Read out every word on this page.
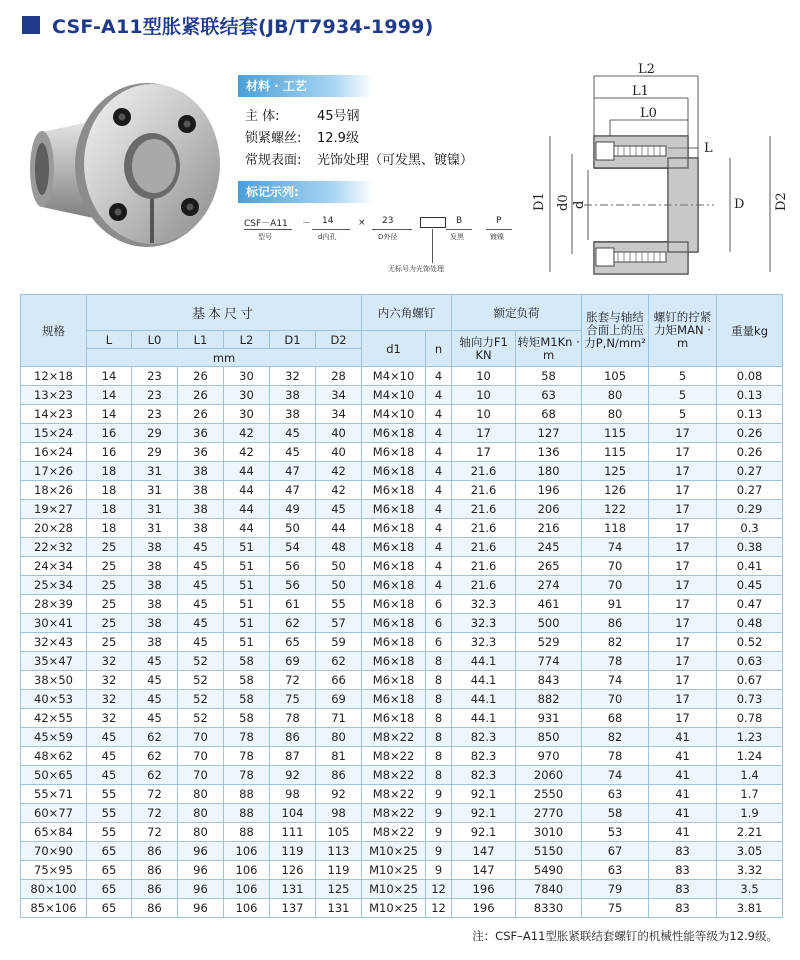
CSF-A11型胀紧联结套(JB/T7934-1999)
材料 · 工艺
主 体:	45号钢
锁紧螺丝:	12.9级
常规表面:	光饰处理（可发黑、镀镍）
标记示列:
CSF－A11 － 14	× 23	B	P
型号	d内孔	D外径	发黑	镀镍
无标号为光饰处理
L2
L1
L0
L
D1 d0 d	D D2
规格	基本尺寸						内六角螺钉		额定负荷		胀套与轴结合面上的压力P,N/mm²	螺钉的拧紧力矩MAN · m	重量kg
	L	L0	L1	L2	D1	D2	d1	n	轴向力F1 KN	转矩M1Kn · m			
	mm												
12×18	14	23	26	30	32	28	M4×10	4	10	58	105	5	0.08
13×23	14	23	26	30	38	34	M4×10	4	10	63	80	5	0.13
14×23	14	23	26	30	38	34	M4×10	4	10	68	80	5	0.13
15×24	16	29	36	42	45	40	M6×18	4	17	127	115	17	0.26
16×24	16	29	36	42	45	40	M6×18	4	17	136	115	17	0.26
17×26	18	31	38	44	47	42	M6×18	4	21.6	180	125	17	0.27
18×26	18	31	38	44	47	42	M6×18	4	21.6	196	126	17	0.27
19×27	18	31	38	44	49	45	M6×18	4	21.6	206	122	17	0.29
20×28	18	31	38	44	50	44	M6×18	4	21.6	216	118	17	0.3
22×32	25	38	45	51	54	48	M6×18	4	21.6	245	74	17	0.38
24×34	25	38	45	51	56	50	M6×18	4	21.6	265	70	17	0.41
25×34	25	38	45	51	56	50	M6×18	4	21.6	274	70	17	0.45
28×39	25	38	45	51	61	55	M6×18	6	32.3	461	91	17	0.47
30×41	25	38	45	51	62	57	M6×18	6	32.3	500	86	17	0.48
32×43	25	38	45	51	65	59	M6×18	6	32.3	529	82	17	0.52
35×47	32	45	52	58	69	62	M6×18	8	44.1	774	78	17	0.63
38×50	32	45	52	58	72	66	M6×18	8	44.1	843	74	17	0.67
40×53	32	45	52	58	75	69	M6×18	8	44.1	882	70	17	0.73
42×55	32	45	52	58	78	71	M6×18	8	44.1	931	68	17	0.78
45×59	45	62	70	78	86	80	M8×22	8	82.3	850	82	41	1.23
48×62	45	62	70	78	87	81	M8×22	8	82.3	970	78	41	1.24
50×65	45	62	70	78	92	86	M8×22	8	82.3	2060	74	41	1.4
55×71	55	72	80	88	98	92	M8×22	9	92.1	2550	63	41	1.7
60×77	55	72	80	88	104	98	M8×22	9	92.1	2770	58	41	1.9
65×84	55	72	80	88	111	105	M8×22	9	92.1	3010	53	41	2.21
70×90	65	86	96	106	119	113	M10×25	9	147	5150	67	83	3.05
75×95	65	86	96	106	126	119	M10×25	9	147	5490	63	83	3.32
80×100	65	86	96	106	131	125	M10×25	12	196	7840	79	83	3.5
85×106	65	86	96	106	137	131	M10×25	12	196	8330	75	83	3.81
注：CSF–A11型胀紧联结套螺钉的机械性能等级为12.9级。
